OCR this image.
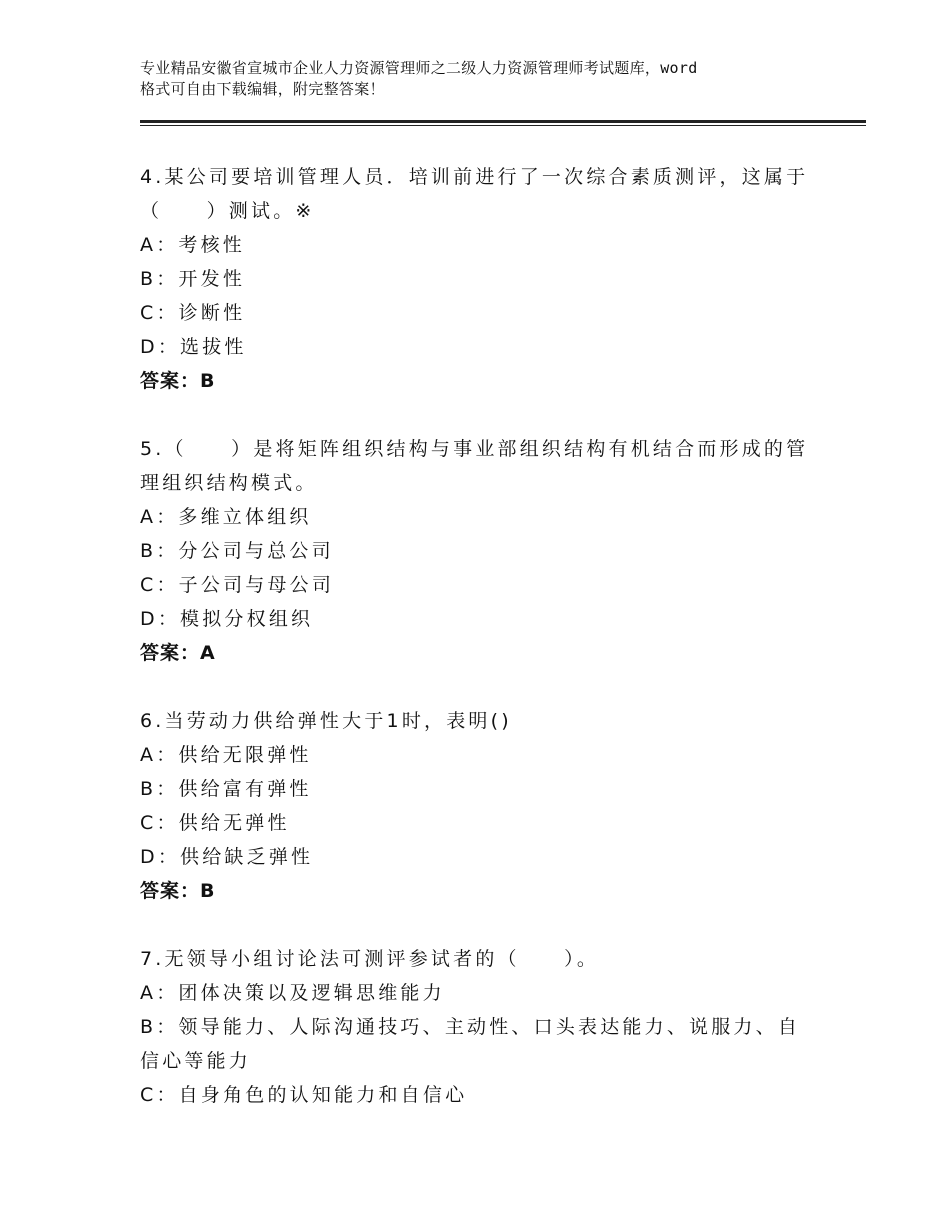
专业精品安徽省宣城市企业人力资源管理师之二级人力资源管理师考试题库，word
格式可自由下载编辑，附完整答案！

4.某公司要培训管理人员．培训前进行了一次综合素质测评，这属于（　　）测试。※

A：考核性

B：开发性

C：诊断性

D：选拔性

答案：B

5.（　　）是将矩阵组织结构与事业部组织结构有机结合而形成的管理组织结构模式。

A：多维立体组织

B：分公司与总公司

C：子公司与母公司

D：模拟分权组织

答案：A

6.当劳动力供给弹性大于1时，表明()

A：供给无限弹性

B：供给富有弹性

C：供给无弹性

D：供给缺乏弹性

答案：B

7.无领导小组讨论法可测评参试者的（　　）。

A：团体决策以及逻辑思维能力

B：领导能力、人际沟通技巧、主动性、口头表达能力、说服力、自信心等能力

C：自身角色的认知能力和自信心
